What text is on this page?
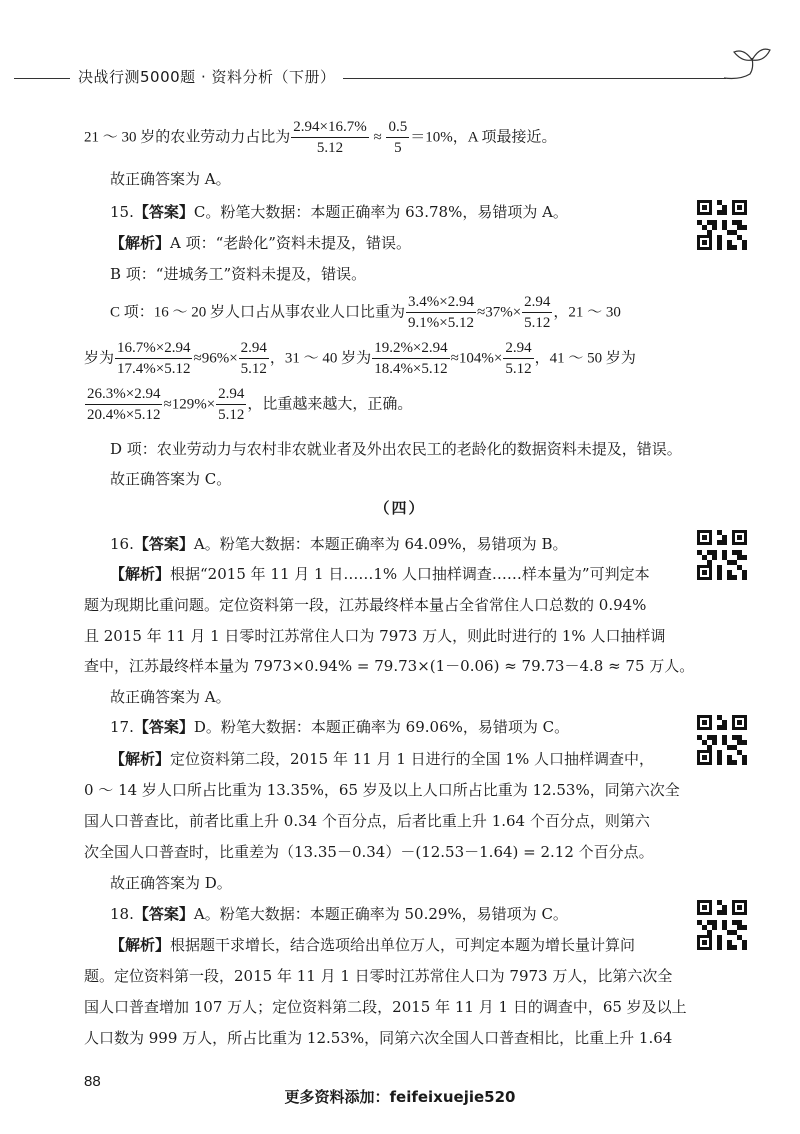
决战行测5000题 · 资料分析（下册）
21 ～ 30 岁的农业劳动力占比为 $\frac{2.94\times 16.7\%}{5.12} \approx \frac{0.5}{5} =10\%$，A 项最接近。
故正确答案为 A。
15.【答案】C。粉笔大数据：本题正确率为 63.78%，易错项为 A。
【解析】A 项：“老龄化”资料未提及，错误。
B 项：“进城务工”资料未提及，错误。
C 项：16 ～ 20 岁人口占从事农业人口比重为 $\frac{3.4\%\times 2.94}{9.1\%\times 5.12} \approx 37\%\times \frac{2.94}{5.12}$ ，21 ～ 30
岁为 $\frac{16.7\%\times 2.94}{17.4\%\times 5.12} \approx 96\%\times \frac{2.94}{5.12}$ ，31 ～ 40 岁为 $\frac{19.2\%\times 2.94}{18.4\%\times 5.12} \approx 104\%\times \frac{2.94}{5.12}$ ，41 ～ 50 岁为
$\frac{26.3\%\times 2.94}{20.4\%\times 5.12} \approx 129\%\times \frac{2.94}{5.12}$ ，比重越来越大，正确。
D 项：农业劳动力与农村非农就业者及外出农民工的老龄化的数据资料未提及，错误。
故正确答案为 C。
（四）
16.【答案】A。粉笔大数据：本题正确率为 64.09%，易错项为 B。
【解析】根据“2015 年 11 月 1 日……1% 人口抽样调查……样本量为”可判定本
题为现期比重问题。定位资料第一段，江苏最终样本量占全省常住人口总数的 0.94%
且 2015 年 11 月 1 日零时江苏常住人口为 7973 万人，则此时进行的 1% 人口抽样调
查中，江苏最终样本量为 7973×0.94% = 79.73×(1－0.06) ≈ 79.73－4.8 ≈ 75 万人。
故正确答案为 A。
17.【答案】D。粉笔大数据：本题正确率为 69.06%，易错项为 C。
【解析】定位资料第二段，2015 年 11 月 1 日进行的全国 1% 人口抽样调查中，
0 ～ 14 岁人口所占比重为 13.35%，65 岁及以上人口所占比重为 12.53%，同第六次全
国人口普查比，前者比重上升 0.34 个百分点，后者比重上升 1.64 个百分点，则第六
次全国人口普查时，比重差为（13.35－0.34）－(12.53－1.64) = 2.12 个百分点。
故正确答案为 D。
18.【答案】A。粉笔大数据：本题正确率为 50.29%，易错项为 C。
【解析】根据题干求增长，结合选项给出单位万人，可判定本题为增长量计算问
题。定位资料第一段，2015 年 11 月 1 日零时江苏常住人口为 7973 万人，比第六次全
国人口普查增加 107 万人；定位资料第二段，2015 年 11 月 1 日的调查中，65 岁及以上
人口数为 999 万人，所占比重为 12.53%，同第六次全国人口普查相比，比重上升 1.64
88
更多资料添加：feifeixuejie520
